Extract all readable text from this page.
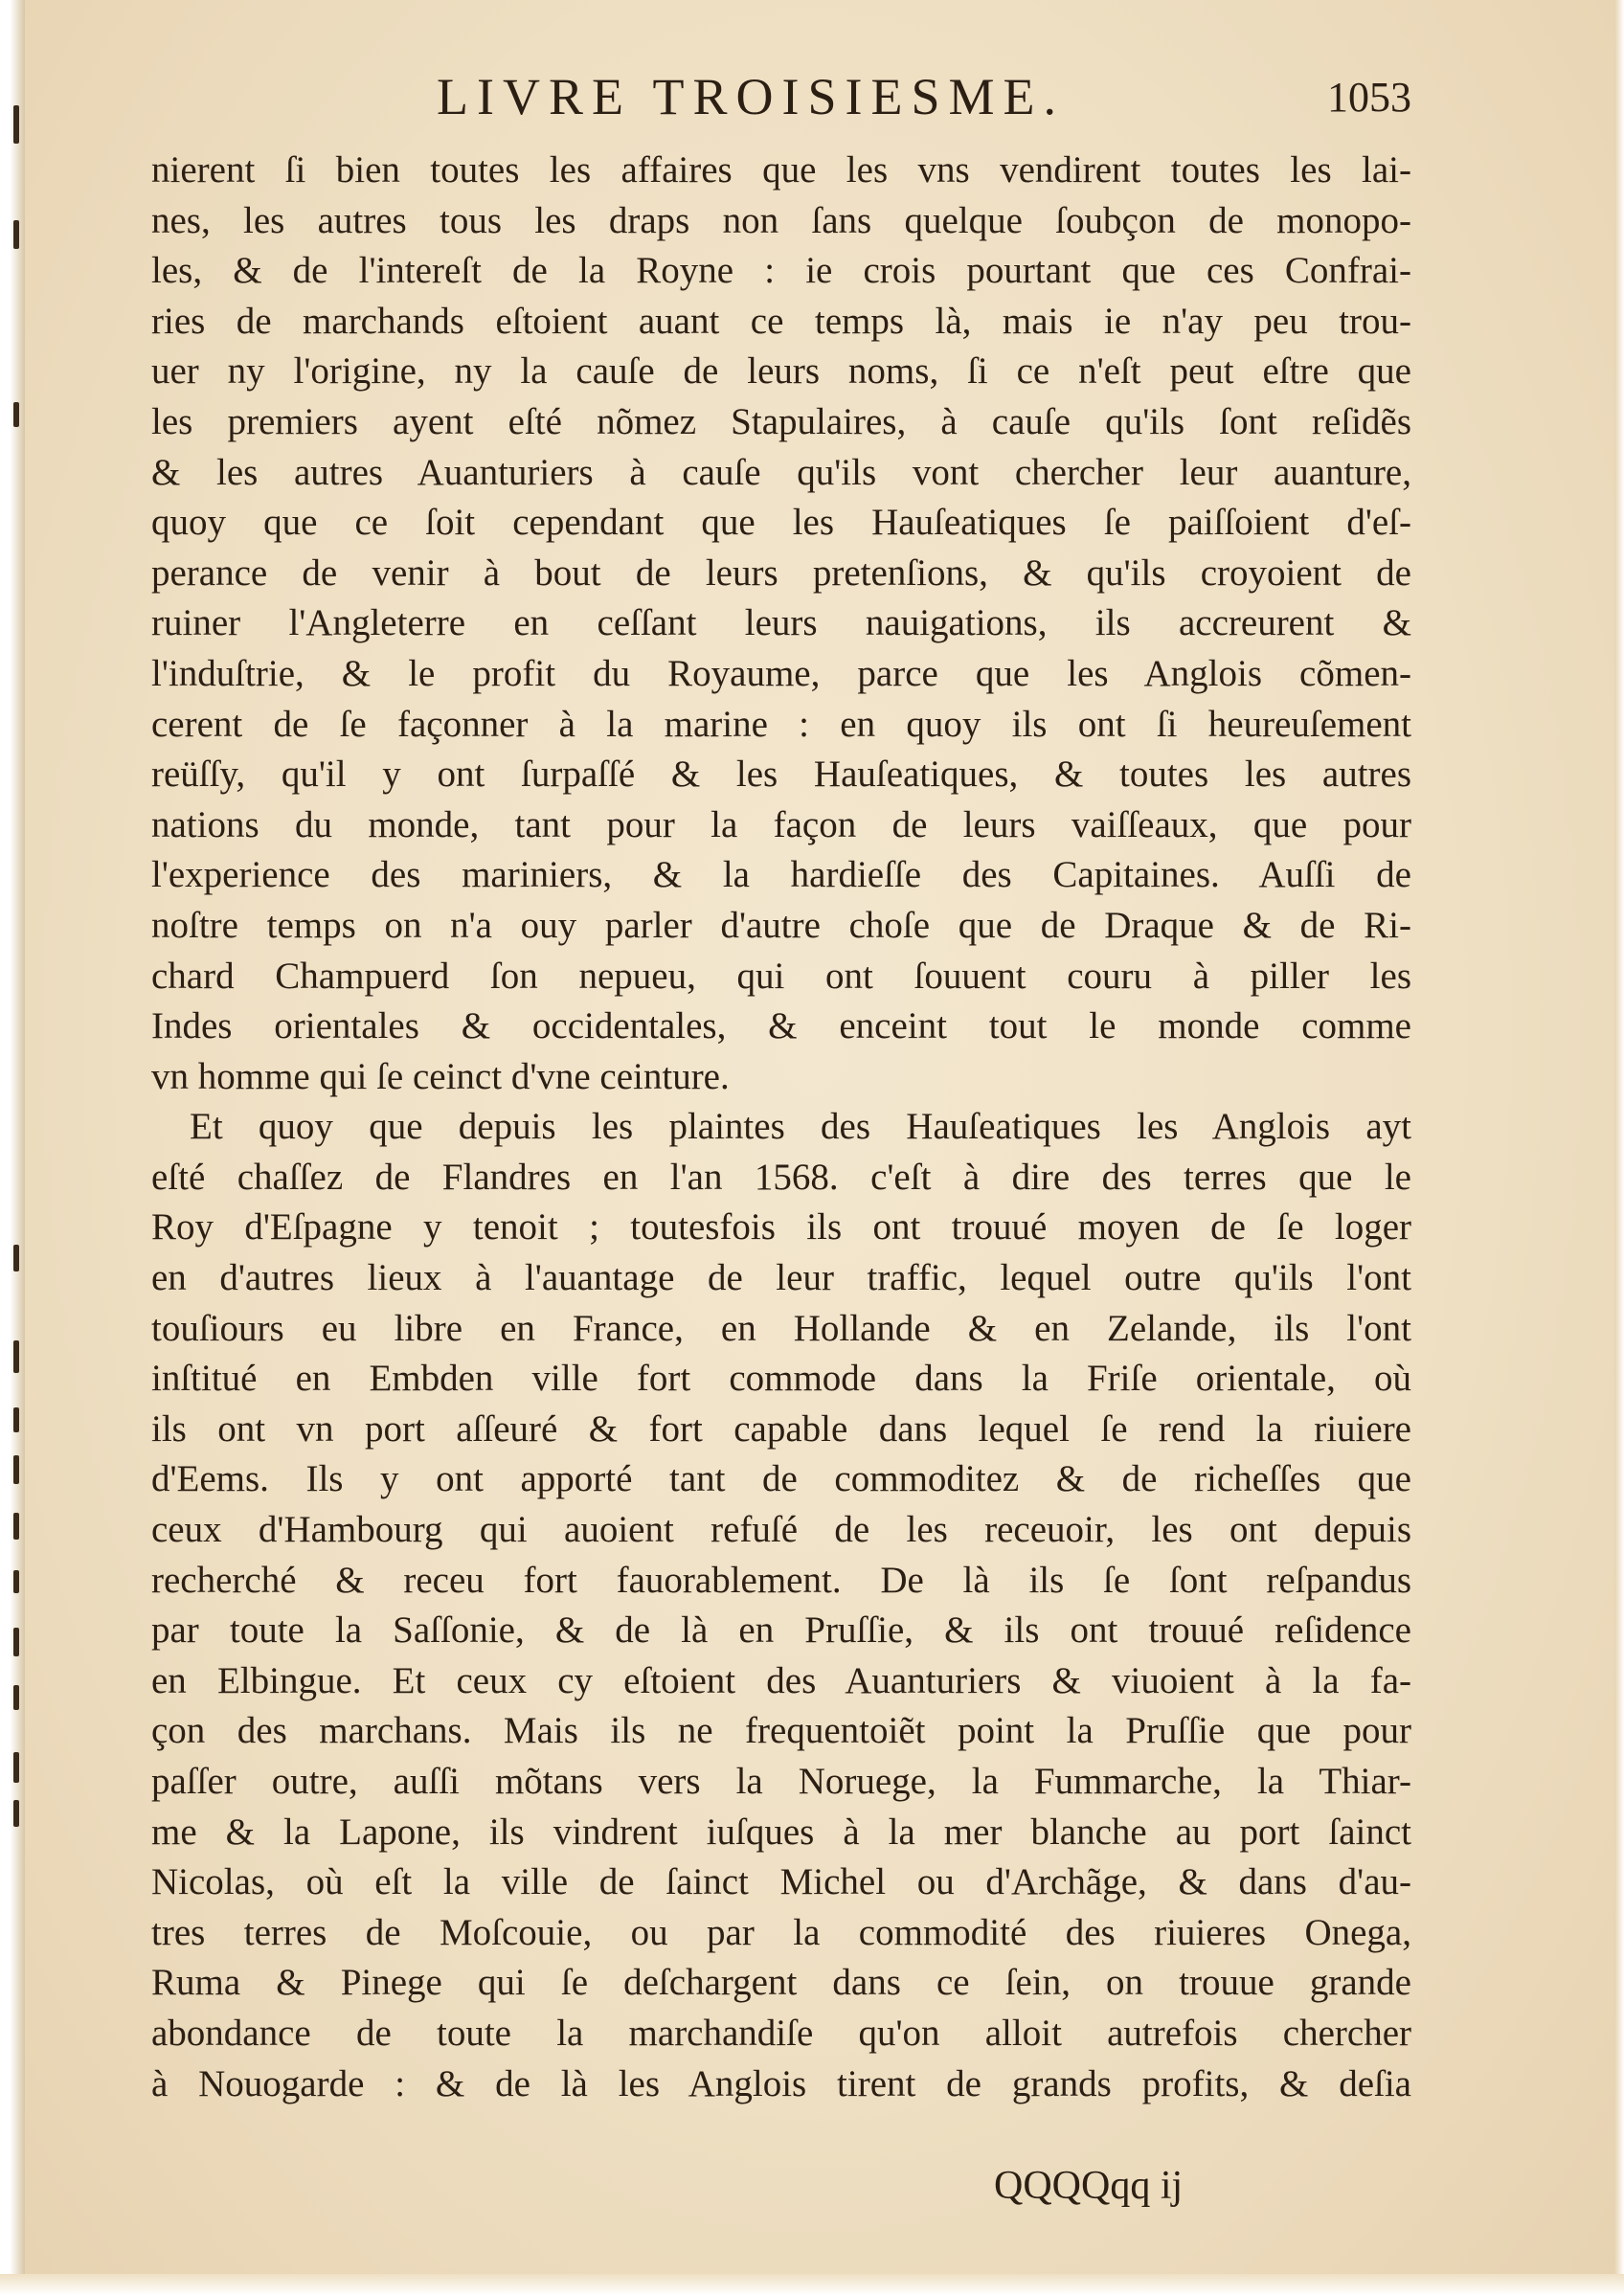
LIVRE TROISIESME.	1053
nierent ſi bien toutes les affaires que les vns vendirent toutes les lai-
nes, les autres tous les draps non ſans quelque ſoubçon de monopo-
les, & de l'intereſt de la Royne : ie crois pourtant que ces Confrai-
ries de marchands eſtoient auant ce temps là, mais ie n'ay peu trou-
uer ny l'origine, ny la cauſe de leurs noms, ſi ce n'eſt peut eſtre que
les premiers ayent eſté nõmez Stapulaires, à cauſe qu'ils ſont reſidẽs
& les autres Auanturiers à cauſe qu'ils vont chercher leur auanture,
quoy que ce ſoit cependant que les Hauſeatiques ſe paiſſoient d'eſ-
perance de venir à bout de leurs pretenſions, & qu'ils croyoient de
ruiner l'Angleterre en ceſſant leurs nauigations, ils accreurent &
l'induſtrie, & le profit du Royaume, parce que les Anglois cõmen-
cerent de ſe façonner à la marine : en quoy ils ont ſi heureuſement
reüſſy, qu'il y ont ſurpaſſé & les Hauſeatiques, & toutes les autres
nations du monde, tant pour la façon de leurs vaiſſeaux, que pour
l'experience des mariniers, & la hardieſſe des Capitaines. Auſſi de
noſtre temps on n'a ouy parler d'autre choſe que de Draque & de Ri-
chard Champuerd ſon nepueu, qui ont ſouuent couru à piller les
Indes orientales & occidentales, & enceint tout le monde comme
vn homme qui ſe ceinct d'vne ceinture.
Et quoy que depuis les plaintes des Hauſeatiques les Anglois ayt
eſté chaſſez de Flandres en l'an 1568. c'eſt à dire des terres que le
Roy d'Eſpagne y tenoit ; toutesfois ils ont trouué moyen de ſe loger
en d'autres lieux à l'auantage de leur traffic, lequel outre qu'ils l'ont
touſiours eu libre en France, en Hollande & en Zelande, ils l'ont
inſtitué en Embden ville fort commode dans la Friſe orientale, où
ils ont vn port aſſeuré & fort capable dans lequel ſe rend la riuiere
d'Eems. Ils y ont apporté tant de commoditez & de richeſſes que
ceux d'Hambourg qui auoient refuſé de les receuoir, les ont depuis
recherché & receu fort fauorablement. De là ils ſe ſont reſpandus
par toute la Saſſonie, & de là en Pruſſie, & ils ont trouué reſidence
en Elbingue. Et ceux cy eſtoient des Auanturiers & viuoient à la fa-
çon des marchans. Mais ils ne frequentoiẽt point la Pruſſie que pour
paſſer outre, auſſi mõtans vers la Noruege, la Fummarche, la Thiar-
me & la Lapone, ils vindrent iuſques à la mer blanche au port ſainct
Nicolas, où eſt la ville de ſainct Michel ou d'Archãge, & dans d'au-
tres terres de Moſcouie, ou par la commodité des riuieres Onega,
Ruma & Pinege qui ſe deſchargent dans ce ſein, on trouue grande
abondance de toute la marchandiſe qu'on alloit autrefois chercher
à Nouogarde : & de là les Anglois tirent de grands profits, & deſia
QQQQqq ij
